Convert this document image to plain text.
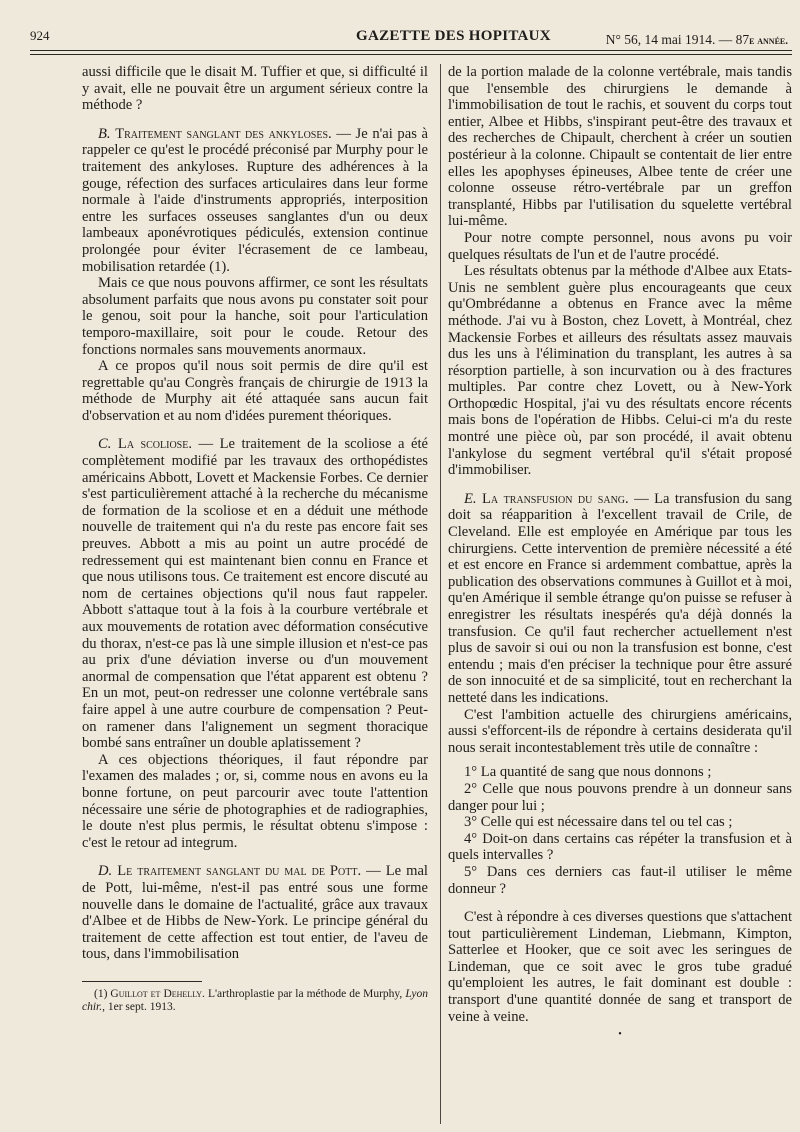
924	GAZETTE DES HOPITAUX	N° 56, 14 mai 1914. — 87e année.

aussi difficile que le disait M. Tuffier et que, si difficulté il y avait, elle ne pouvait être un argument sérieux contre la méthode ?

B. Traitement sanglant des ankyloses. — Je n'ai pas à rappeler ce qu'est le procédé préconisé par Murphy pour le traitement des ankyloses. Rupture des adhérences à la gouge, réfection des surfaces articulaires dans leur forme normale à l'aide d'instruments appropriés, interposition entre les surfaces osseuses sanglantes d'un ou deux lambeaux aponévrotiques pédiculés, extension continue prolongée pour éviter l'écrasement de ce lambeau, mobilisation retardée (1).

Mais ce que nous pouvons affirmer, ce sont les résultats absolument parfaits que nous avons pu constater soit pour le genou, soit pour la hanche, soit pour l'articulation temporo-maxillaire, soit pour le coude. Retour des fonctions normales sans mouvements anormaux.

A ce propos qu'il nous soit permis de dire qu'il est regrettable qu'au Congrès français de chirurgie de 1913 la méthode de Murphy ait été attaquée sans aucun fait d'observation et au nom d'idées purement théoriques.

C. La scoliose. — Le traitement de la scoliose a été complètement modifié par les travaux des orthopédistes américains Abbott, Lovett et Mackensie Forbes. Ce dernier s'est particulièrement attaché à la recherche du mécanisme de formation de la scoliose et en a déduit une méthode nouvelle de traitement qui n'a du reste pas encore fait ses preuves. Abbott a mis au point un autre procédé de redressement qui est maintenant bien connu en France et que nous utilisons tous. Ce traitement est encore discuté au nom de certaines objections qu'il nous faut rappeler. Abbott s'attaque tout à la fois à la courbure vertébrale et aux mouvements de rotation avec déformation consécutive du thorax, n'est-ce pas là une simple illusion et n'est-ce pas au prix d'une déviation inverse ou d'un mouvement anormal de compensation que l'état apparent est obtenu ? En un mot, peut-on redresser une colonne vertébrale sans faire appel à une autre courbure de compensation ? Peut-on ramener dans l'alignement un segment thoracique bombé sans entraîner un double aplatissement ?

A ces objections théoriques, il faut répondre par l'examen des malades ; or, si, comme nous en avons eu la bonne fortune, on peut parcourir avec toute l'attention nécessaire une série de photographies et de radiographies, le doute n'est plus permis, le résultat obtenu s'impose : c'est le retour ad integrum.

D. Le traitement sanglant du mal de Pott. — Le mal de Pott, lui-même, n'est-il pas entré sous une forme nouvelle dans le domaine de l'actualité, grâce aux travaux d'Albee et de Hibbs de New-York. Le principe général du traitement de cette affection est tout entier, de l'aveu de tous, dans l'immobilisation

(1) Guillot et Dehelly. L'arthroplastie par la méthode de Murphy, Lyon chir., 1er sept. 1913.

de la portion malade de la colonne vertébrale, mais tandis que l'ensemble des chirurgiens le demande à l'immobilisation de tout le rachis, et souvent du corps tout entier, Albee et Hibbs, s'inspirant peut-être des travaux et des recherches de Chipault, cherchent à créer un soutien postérieur à la colonne. Chipault se contentait de lier entre elles les apophyses épineuses, Albee tente de créer une colonne osseuse rétro-vertébrale par un greffon transplanté, Hibbs par l'utilisation du squelette vertébral lui-même.

Pour notre compte personnel, nous avons pu voir quelques résultats de l'un et de l'autre procédé.

Les résultats obtenus par la méthode d'Albee aux Etats-Unis ne semblent guère plus encourageants que ceux qu'Ombrédanne a obtenus en France avec la même méthode. J'ai vu à Boston, chez Lovett, à Montréal, chez Mackensie Forbes et ailleurs des résultats assez mauvais dus les uns à l'élimination du transplant, les autres à sa résorption partielle, à son incurvation ou à des fractures multiples. Par contre chez Lovett, ou à New-York Orthopœdic Hospital, j'ai vu des résultats encore récents mais bons de l'opération de Hibbs. Celui-ci m'a du reste montré une pièce où, par son procédé, il avait obtenu l'ankylose du segment vertébral qu'il s'était proposé d'immobiliser.

E. La transfusion du sang. — La transfusion du sang doit sa réapparition à l'excellent travail de Crile, de Cleveland. Elle est employée en Amérique par tous les chirurgiens. Cette intervention de première nécessité a été et est encore en France si ardemment combattue, après la publication des observations communes à Guillot et à moi, qu'en Amérique il semble étrange qu'on puisse se refuser à enregistrer les résultats inespérés qu'a déjà donnés la transfusion. Ce qu'il faut rechercher actuellement n'est plus de savoir si oui ou non la transfusion est bonne, c'est entendu ; mais d'en préciser la technique pour être assuré de son innocuité et de sa simplicité, tout en recherchant la netteté dans les indications.

C'est l'ambition actuelle des chirurgiens américains, aussi s'efforcent-ils de répondre à certains desiderata qu'il nous serait incontestablement très utile de connaître :

1° La quantité de sang que nous donnons ;

2° Celle que nous pouvons prendre à un donneur sans danger pour lui ;

3° Celle qui est nécessaire dans tel ou tel cas ;

4° Doit-on dans certains cas répéter la transfusion et à quels intervalles ?

5° Dans ces derniers cas faut-il utiliser le même donneur ?

C'est à répondre à ces diverses questions que s'attachent tout particulièrement Lindeman, Liebmann, Kimpton, Satterlee et Hooker, que ce soit avec les seringues de Lindeman, que ce soit avec le gros tube gradué qu'emploient les autres, le fait dominant est double : transport d'une quantité donnée de sang et transport de veine à veine.

•
